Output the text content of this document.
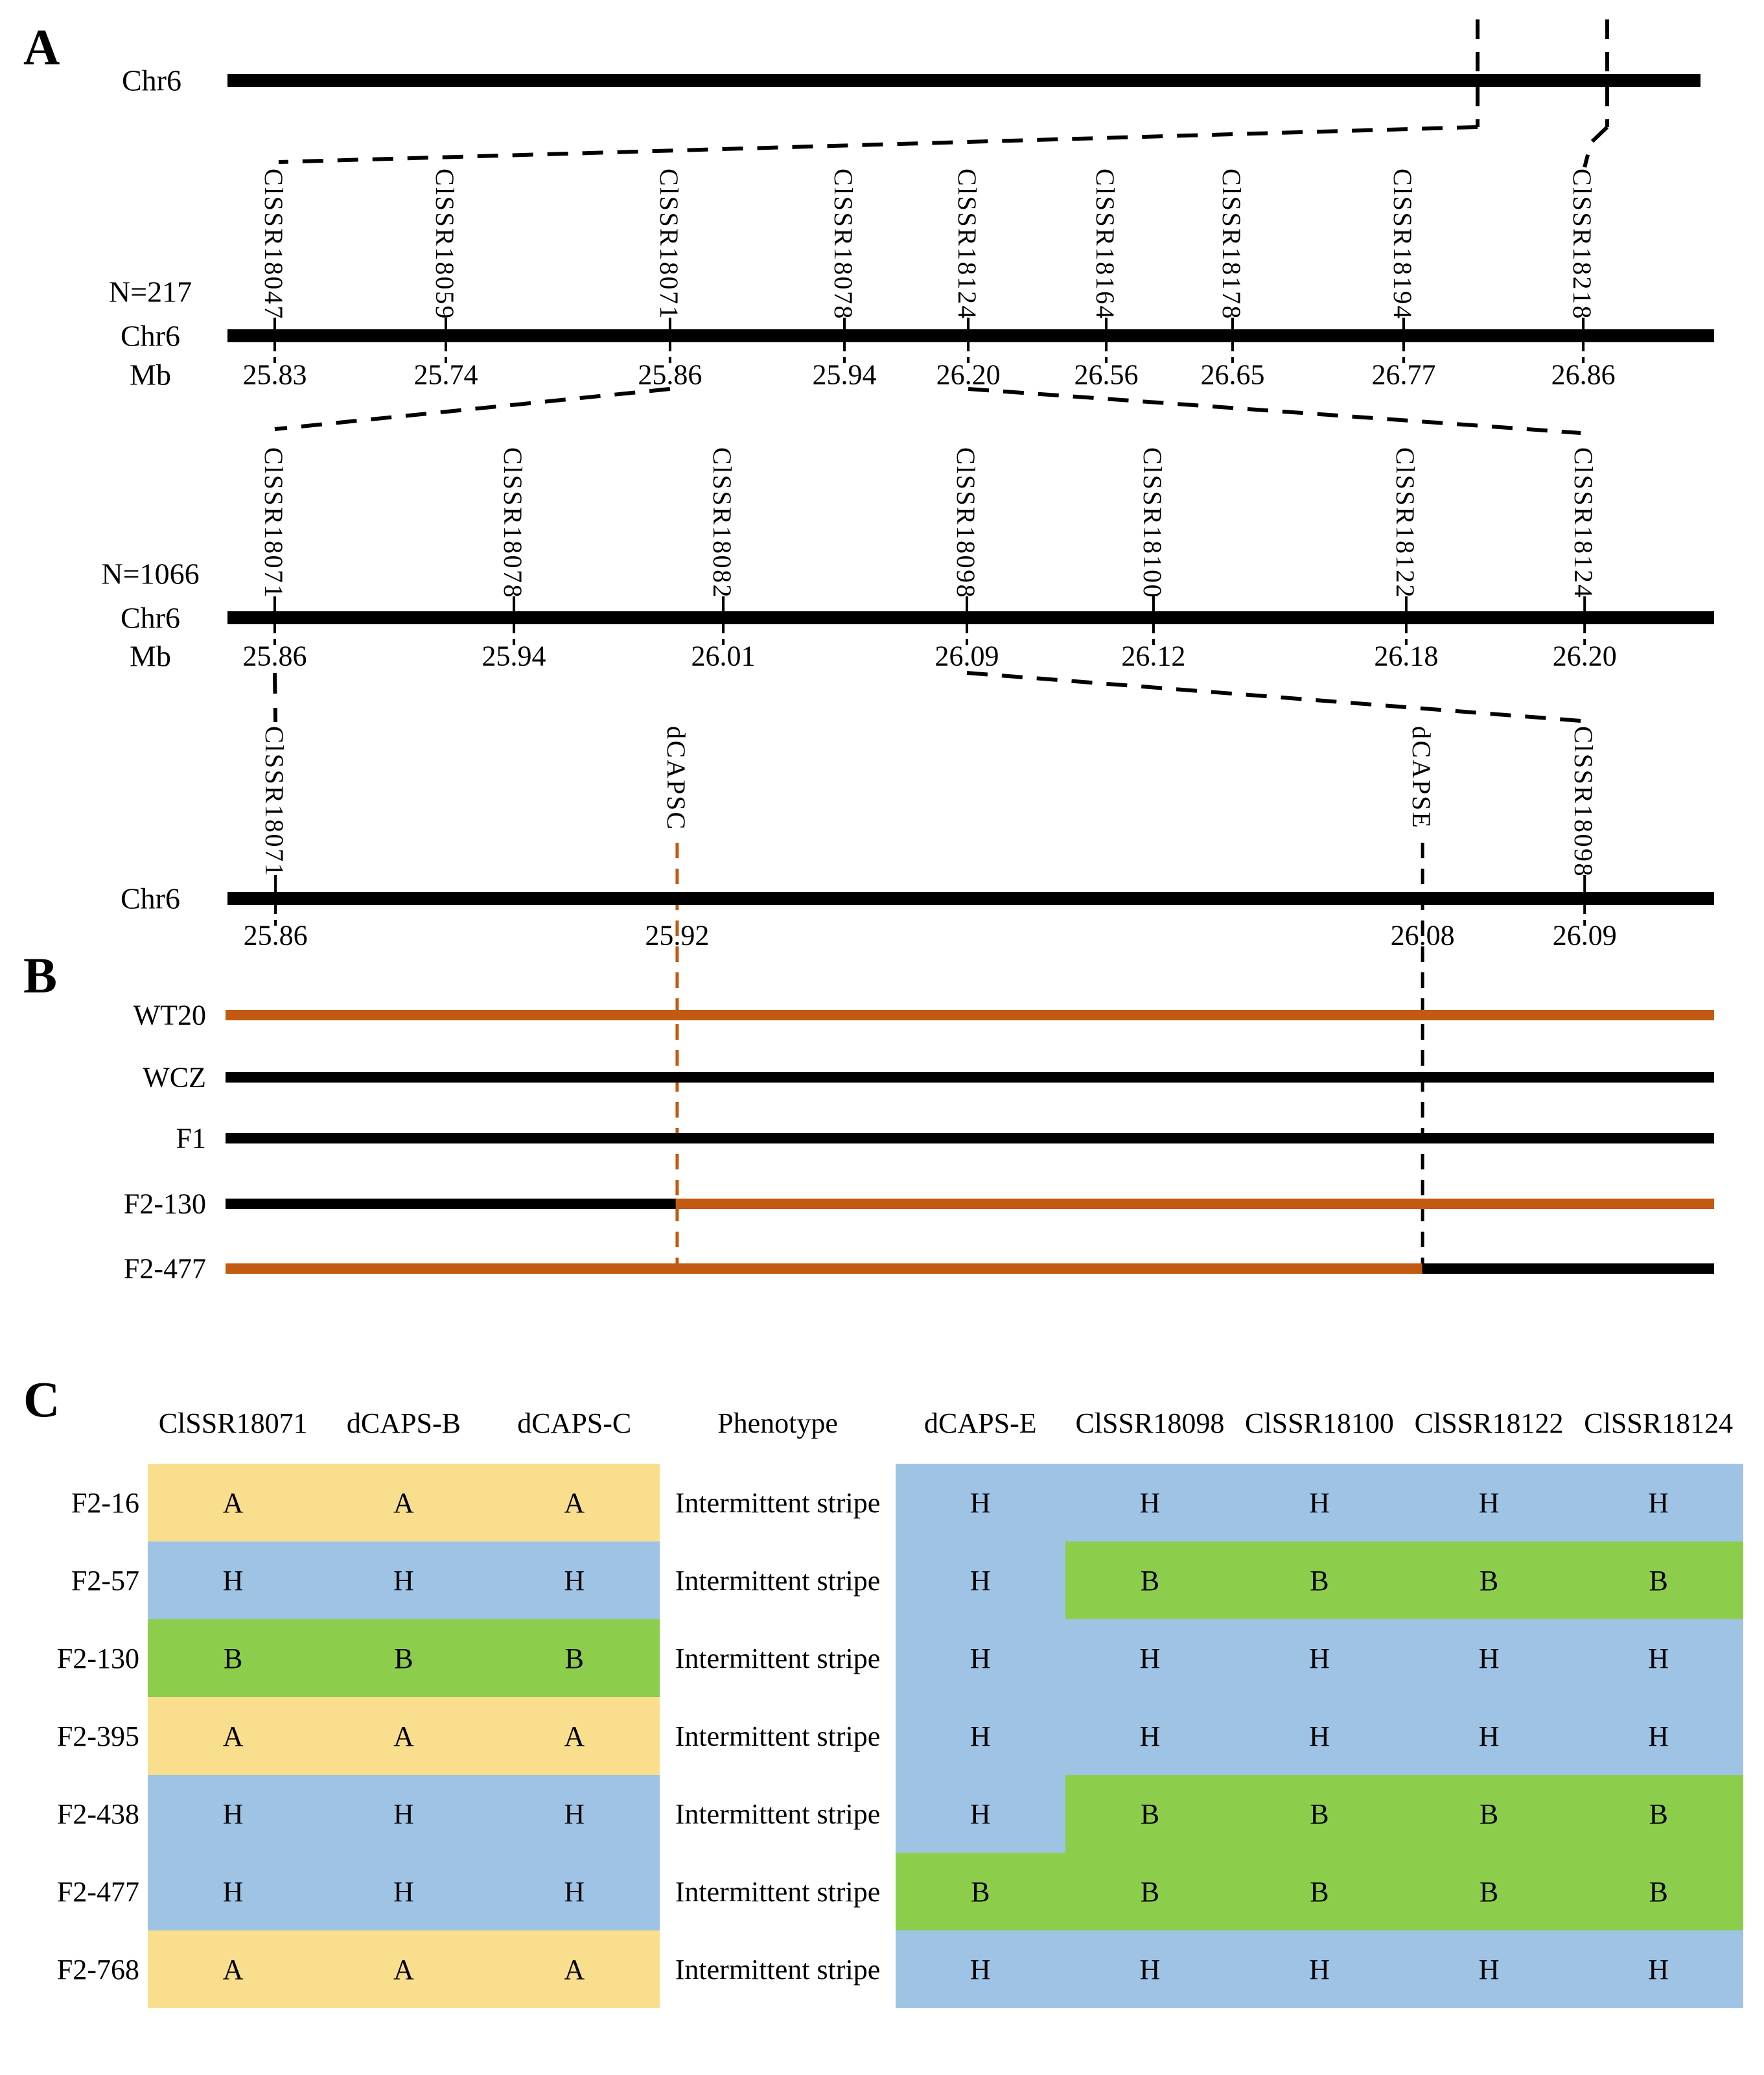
A
B
C
Chr6
N=217
Chr6
Mb
ClSSR18047
25.83
ClSSR18059
25.74
ClSSR18071
25.86
ClSSR18078
25.94
ClSSR18124
26.20
ClSSR18164
26.56
ClSSR18178
26.65
ClSSR18194
26.77
ClSSR18218
26.86
N=1066
Chr6
Mb
ClSSR18071
25.86
ClSSR18078
25.94
ClSSR18082
26.01
ClSSR18098
26.09
ClSSR18100
26.12
ClSSR18122
26.18
ClSSR18124
26.20
Chr6
ClSSR18071
25.86
dCAPSC
25.92
dCAPSE
26.08
ClSSR18098
26.09
WT20
WCZ
F1
F2-130
F2-477
ClSSR18071	dCAPS-B	dCAPS-C	Phenotype	dCAPS-E	ClSSR18098 ClSSR18100 ClSSR18122 ClSSR18124
F2-16	A	A	A	Intermittent stripe	H	H	H	H	H
F2-57	H	H	H	Intermittent stripe	H	B	B	B	B
F2-130	B	B	B	Intermittent stripe	H	H	H	H	H
F2-395	A	A	A	Intermittent stripe	H	H	H	H	H
F2-438	H	H	H	Intermittent stripe	H	B	B	B	B
F2-477	H	H	H	Intermittent stripe	B	B	B	B	B
F2-768	A	A	A	Intermittent stripe	H	H	H	H	H
